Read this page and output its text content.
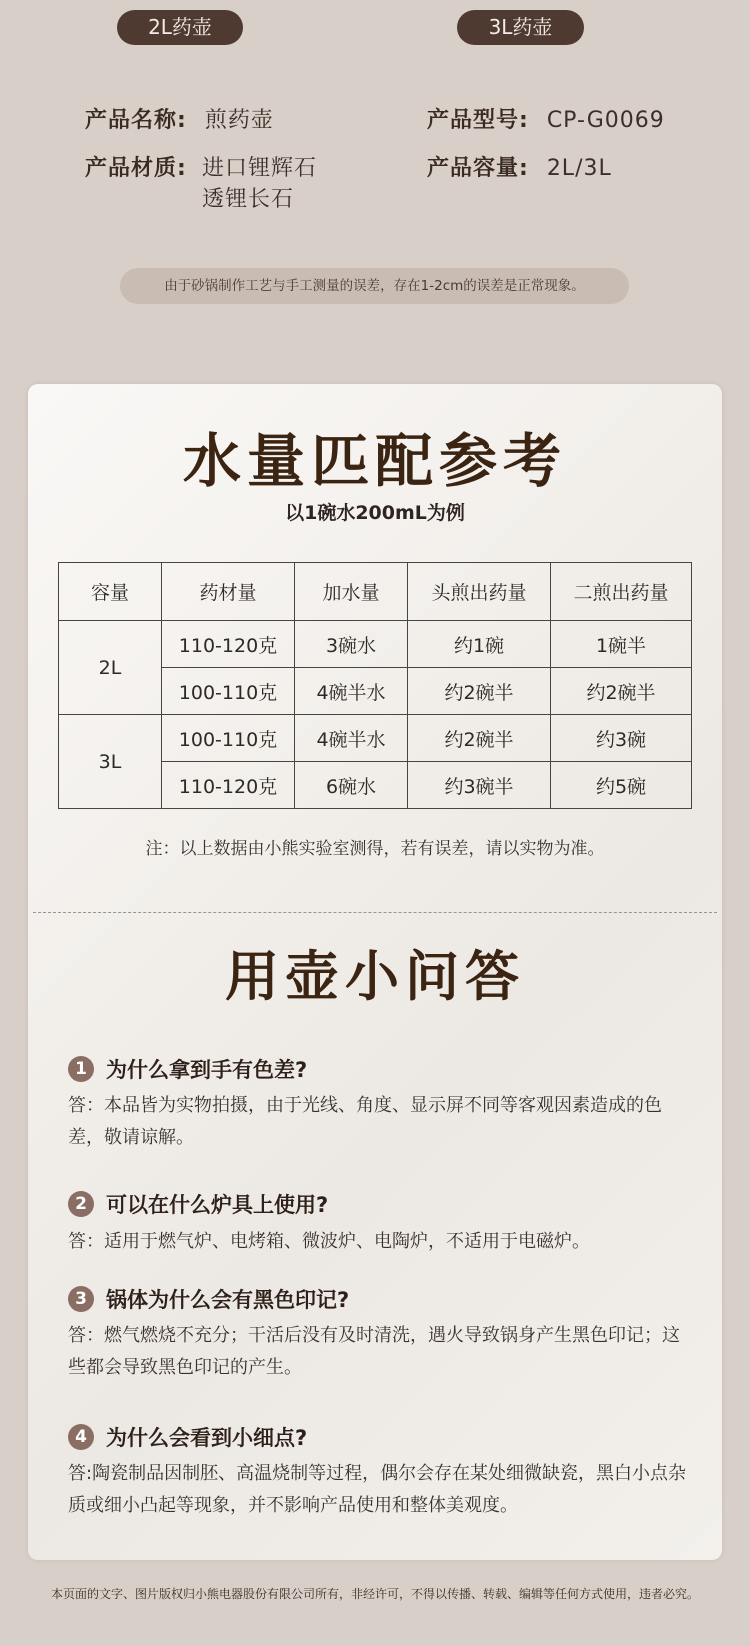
2L药壶	3L药壶
产品名称: 煎药壶	产品型号: CP-G0069
产品材质: 进口锂辉石
透锂长石
产品容量: 2L/3L
由于砂锅制作工艺与手工测量的误差，存在1-2cm的误差是正常现象。
水量匹配参考
以1碗水200mL为例
容量	药材量	加水量	头煎出药量	二煎出药量
2L	110-120克	3碗水	约1碗	1碗半
	100-110克	4碗半水	约2碗半	约2碗半
3L	100-110克	4碗半水	约2碗半	约3碗
	110-120克	6碗水	约3碗半	约5碗
注：以上数据由小熊实验室测得，若有误差，请以实物为准。
用壶小问答
1 为什么拿到手有色差?
答：本品皆为实物拍摄，由于光线、角度、显示屏不同等客观因素造成的色差，敬请谅解。
2 可以在什么炉具上使用?
答：适用于燃气炉、电烤箱、微波炉、电陶炉，不适用于电磁炉。
3 锅体为什么会有黑色印记?
答：燃气燃烧不充分；干活后没有及时清洗，遇火导致锅身产生黑色印记；这些都会导致黑色印记的产生。
4 为什么会看到小细点?
答:陶瓷制品因制胚、高温烧制等过程，偶尔会存在某处细微缺瓷，黑白小点杂质或细小凸起等现象，并不影响产品使用和整体美观度。
本页面的文字、图片版权归小熊电器股份有限公司所有，非经许可，不得以传播、转载、编辑等任何方式使用，违者必究。
